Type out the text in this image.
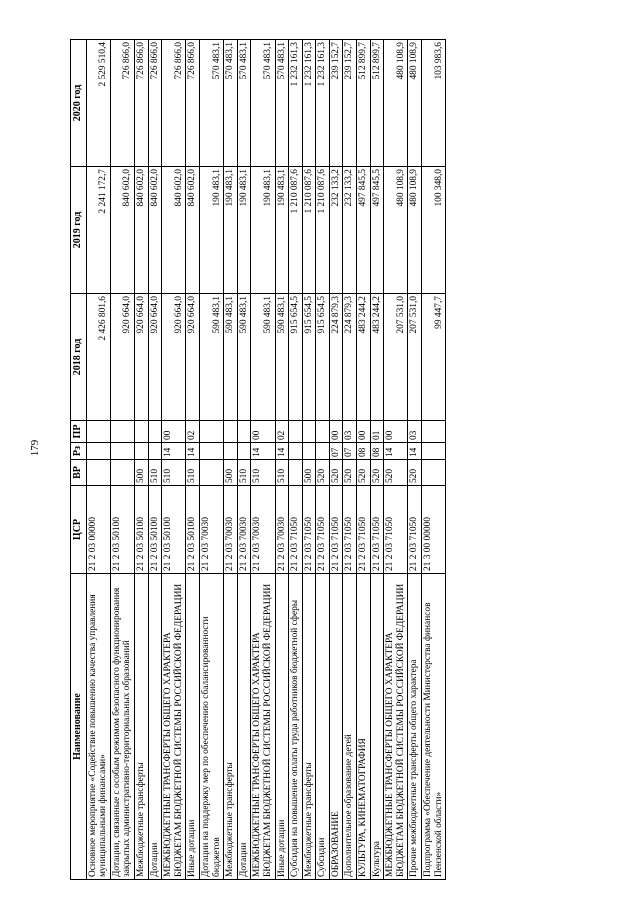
179
Наименование	ЦСР	ВР	Рз	ПР	2018 год	2019 год	2020 год
Основное мероприятие «Содействие повышению качества управления муниципальными финансами»	21 2 03 00000				2 426 801,6	2 241 172,7	2 529 510,4
Дотации, связанные с особым режимом безопасного функционирования закрытых административно-территориальных образований	21 2 03 50100				920 664,0	840 602,0	726 866,0
Межбюджетные трансферты	21 2 03 50100	500			920 664,0	840 602,0	726 866,0
Дотации	21 2 03 50100	510			920 664,0	840 602,0	726 866,0
МЕЖБЮДЖЕТНЫЕ ТРАНСФЕРТЫ ОБЩЕГО ХАРАКТЕРА БЮДЖЕТАМ БЮДЖЕТНОЙ СИСТЕМЫ РОССИЙСКОЙ ФЕДЕРАЦИИ	21 2 03 50100	510	14	00	920 664,0	840 602,0	726 866,0
Иные дотации	21 2 03 50100	510	14	02	920 664,0	840 602,0	726 866,0
Дотации на поддержку мер по обеспечению сбалансированности бюджетов	21 2 03 70030				590 483,1	190 483,1	570 483,1
Межбюджетные трансферты	21 2 03 70030	500			590 483,1	190 483,1	570 483,1
Дотации	21 2 03 70030	510			590 483,1	190 483,1	570 483,1
МЕЖБЮДЖЕТНЫЕ ТРАНСФЕРТЫ ОБЩЕГО ХАРАКТЕРА БЮДЖЕТАМ БЮДЖЕТНОЙ СИСТЕМЫ РОССИЙСКОЙ ФЕДЕРАЦИИ	21 2 03 70030	510	14	00	590 483,1	190 483,1	570 483,1
Иные дотации	21 2 03 70030	510	14	02	590 483,1	190 483,1	570 483,1
Субсидия на повышение оплаты труда работников бюджетной сферы	21 2 03 71050				915 654,5	1 210 087,6	1 232 161,3
Межбюджетные трансферты	21 2 03 71050	500			915 654,5	1 210 087,6	1 232 161,3
Субсидии	21 2 03 71050	520			915 654,5	1 210 087,6	1 232 161,3
ОБРАЗОВАНИЕ	21 2 03 71050	520	07	00	224 879,3	232 133,2	239 152,7
Дополнительное образование детей	21 2 03 71050	520	07	03	224 879,3	232 133,2	239 152,7
КУЛЬТУРА, КИНЕМАТОГРАФИЯ	21 2 03 71050	520	08	00	483 244,2	497 845,5	512 899,7
Культура	21 2 03 71050	520	08	01	483 244,2	497 845,5	512 899,7
МЕЖБЮДЖЕТНЫЕ ТРАНСФЕРТЫ ОБЩЕГО ХАРАКТЕРА БЮДЖЕТАМ БЮДЖЕТНОЙ СИСТЕМЫ РОССИЙСКОЙ ФЕДЕРАЦИИ	21 2 03 71050	520	14	00	207 531,0	480 108,9	480 108,9
Прочие межбюджетные трансферты общего характера	21 2 03 71050	520	14	03	207 531,0	480 108,9	480 108,9
Подпрограмма «Обеспечение деятельности Министерства финансов Пензенской области»	21 3 00 00000				99 447,7	100 348,0	103 983,6
